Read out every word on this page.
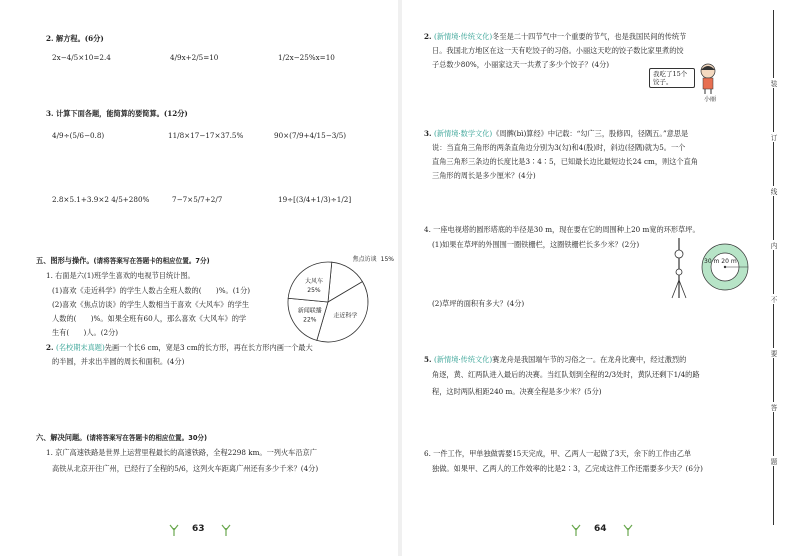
2. 解方程。(6分)
2x−4/5×10=2.4	4/9x+2/5=10	1/2x−25%x=10
3. 计算下面各题，能简算的要简算。(12分)
4/9÷(5/6−0.8)	11/8×17−17×37.5%	90×(7/9+4/15−3/5)
2.8×5.1+3.9×2 4/5+280%	7−7×5/7+2/7	19÷[(3/4+1/3)÷1/2]
五、图形与操作。(请将答案写在答题卡的相应位置。7分)
1. 右面是六(1)班学生喜欢的电视节目统计图。
(1)喜欢《走近科学》的学生人数占全班人数的(　　)%。(1分)
(2)喜欢《焦点访谈》的学生人数相当于喜欢《大风车》的学生
人数的(　　)%。如果全班有60人，那么喜欢《大风车》的学
生有(　　)人。(2分)
焦点访谈 15%
走近科学
新闻联播
22%
大风车
25%
2. (名校期末真题)先画一个长6 cm，宽是3 cm的长方形，再在长方形内画一个最大
的半圆，并求出半圆的周长和面积。(4分)
六、解决问题。(请将答案写在答题卡的相应位置。30分)
1. 京广高速铁路是世界上运营里程最长的高速铁路，全程2298 km。一列火车沿京广
高铁从北京开往广州，已经行了全程的5/6，这列火车距离广州还有多少千米？(4分)
63
2. (新情境·传统文化)冬至是二十四节气中一个重要的节气，也是我国民间的传统节
日。我国北方地区在这一天有吃饺子的习俗。小丽这天吃的饺子数比家里煮的饺
子总数少80%，小丽家这天一共煮了多少个饺子？(4分)
我吃了15个饺子。
小丽
3. (新情境·数学文化)《周髀(bì)算经》中记载：“勾广三，股修四，径隅五。”意思是
说：当直角三角形的两条直角边分别为3(勾)和4(股)时，斜边(径隅)就为5。一个
直角三角形三条边的长度比是3∶4∶5，已知最长边比最短边长24 cm，则这个直角
三角形的周长是多少厘米？(4分)
4. 一座电视塔的圆形塔底的半径是30 m，现在要在它的周围种上20 m宽的环形草坪。
(1)如果在草坪的外围围一圈铁栅栏，这圈铁栅栏长多少米？(2分)
(2)草坪的面积有多大？(4分)
30 m 20 m
5. (新情境·传统文化)赛龙舟是我国端午节的习俗之一。在龙舟比赛中，经过激烈的
角逐，黄、红两队进入最后的决赛。当红队划到全程的2/3处时，黄队还剩下1/4的路
程，这时两队相距240 m。决赛全程是多少米？(5分)
6. 一件工作，甲单独做需要15天完成，甲、乙两人一起做了3天，余下的工作由乙单
独做。如果甲、乙两人的工作效率的比是2∶3，乙完成这件工作还需要多少天？(6分)
64
装
订
线
内
不
要
答
题
